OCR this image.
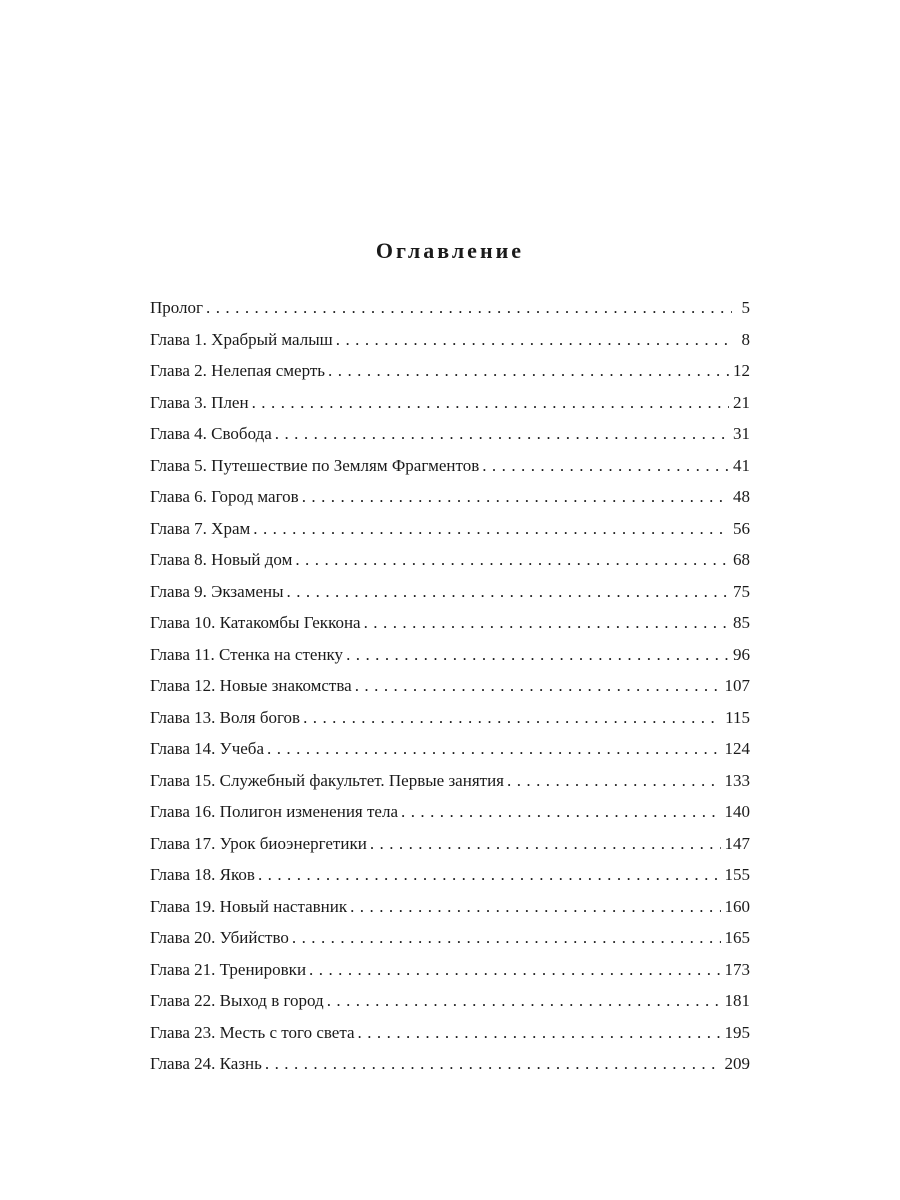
Оглавление
Пролог . . .	5
Глава 1. Храбрый малыш . . .	8
Глава 2. Нелепая смерть . . .	12
Глава 3. Плен . . .	21
Глава 4. Свобода . . .	31
Глава 5. Путешествие по Землям Фрагментов . . .	41
Глава 6. Город магов . . .	48
Глава 7. Храм . . .	56
Глава 8. Новый дом . . .	68
Глава 9. Экзамены . . .	75
Глава 10. Катакомбы Геккона . . .	85
Глава 11. Стенка на стенку . . .	96
Глава 12. Новые знакомства . . .	107
Глава 13. Воля богов . . .	115
Глава 14. Учеба . . .	124
Глава 15. Служебный факультет. Первые занятия . . .	133
Глава 16. Полигон изменения тела . . .	140
Глава 17. Урок биоэнергетики . . .	147
Глава 18. Яков . . .	155
Глава 19. Новый наставник . . .	160
Глава 20. Убийство . . .	165
Глава 21. Тренировки . . .	173
Глава 22. Выход в город . . .	181
Глава 23. Месть с того света . . .	195
Глава 24. Казнь . . .	209
